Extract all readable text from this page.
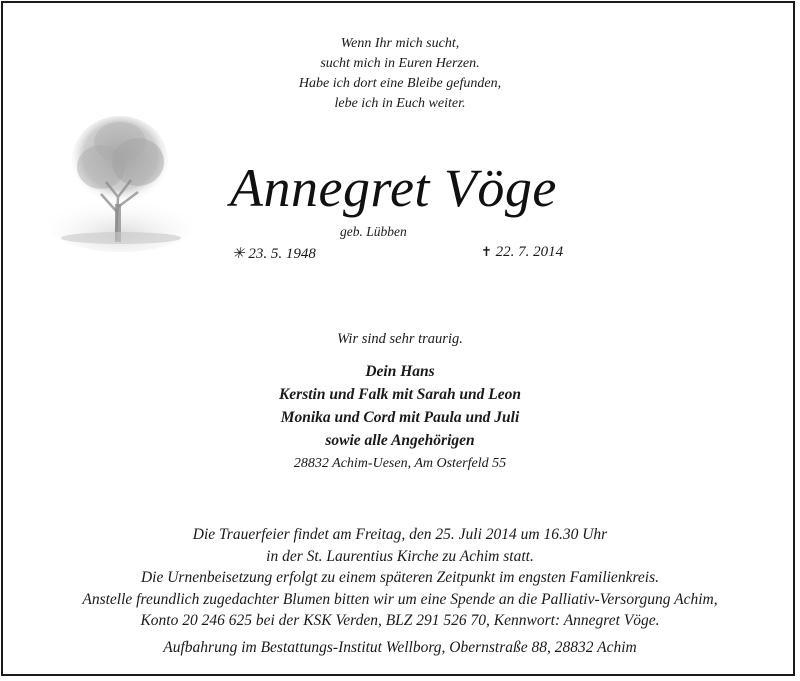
Wenn Ihr mich sucht,
sucht mich in Euren Herzen.
Habe ich dort eine Bleibe gefunden,
lebe ich in Euch weiter.
Annegret Vöge
geb. Lübben
✳ 23. 5. 1948	✝ 22. 7. 2014
Wir sind sehr traurig.
Dein Hans
Kerstin und Falk mit Sarah und Leon
Monika und Cord mit Paula und Juli
sowie alle Angehörigen
28832 Achim-Uesen, Am Osterfeld 55
Die Trauerfeier findet am Freitag, den 25. Juli 2014 um 16.30 Uhr
in der St. Laurentius Kirche zu Achim statt.
Die Urnenbeisetzung erfolgt zu einem späteren Zeitpunkt im engsten Familienkreis.
Anstelle freundlich zugedachter Blumen bitten wir um eine Spende an die Palliativ-Versorgung Achim,
Konto 20 246 625 bei der KSK Verden, BLZ 291 526 70, Kennwort: Annegret Vöge.
Aufbahrung im Bestattungs-Institut Wellborg, Obernstraße 88, 28832 Achim
